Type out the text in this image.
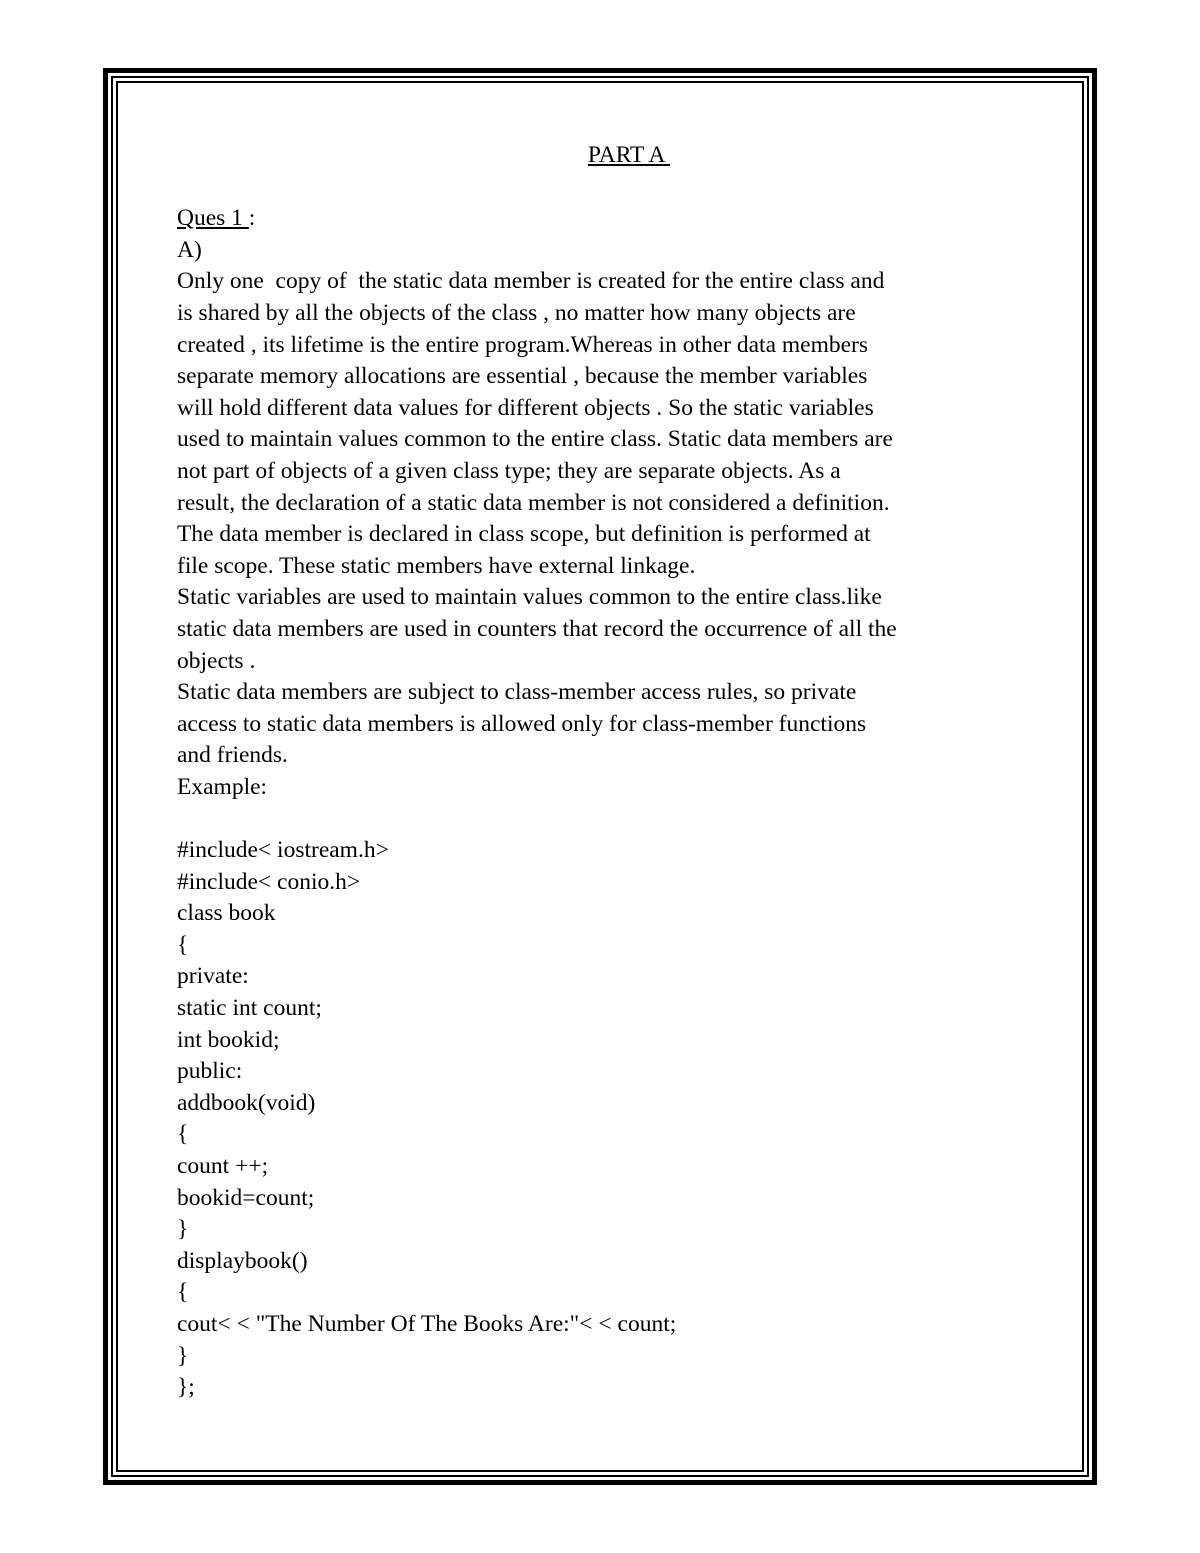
PART A
Ques 1 :
A)
Only one  copy of  the static data member is created for the entire class and
is shared by all the objects of the class , no matter how many objects are
created , its lifetime is the entire program.Whereas in other data members
separate memory allocations are essential , because the member variables
will hold different data values for different objects . So the static variables
used to maintain values common to the entire class. Static data members are
not part of objects of a given class type; they are separate objects. As a
result, the declaration of a static data member is not considered a definition.
The data member is declared in class scope, but definition is performed at
file scope. These static members have external linkage.
Static variables are used to maintain values common to the entire class.like
static data members are used in counters that record the occurrence of all the
objects .
Static data members are subject to class-member access rules, so private
access to static data members is allowed only for class-member functions
and friends.
Example:
#include< iostream.h>
#include< conio.h>
class book
{
private:
static int count;
int bookid;
public:
addbook(void)
{
count ++;
bookid=count;
}
displaybook()
{
cout< < "The Number Of The Books Are:"< < count;
}
};
